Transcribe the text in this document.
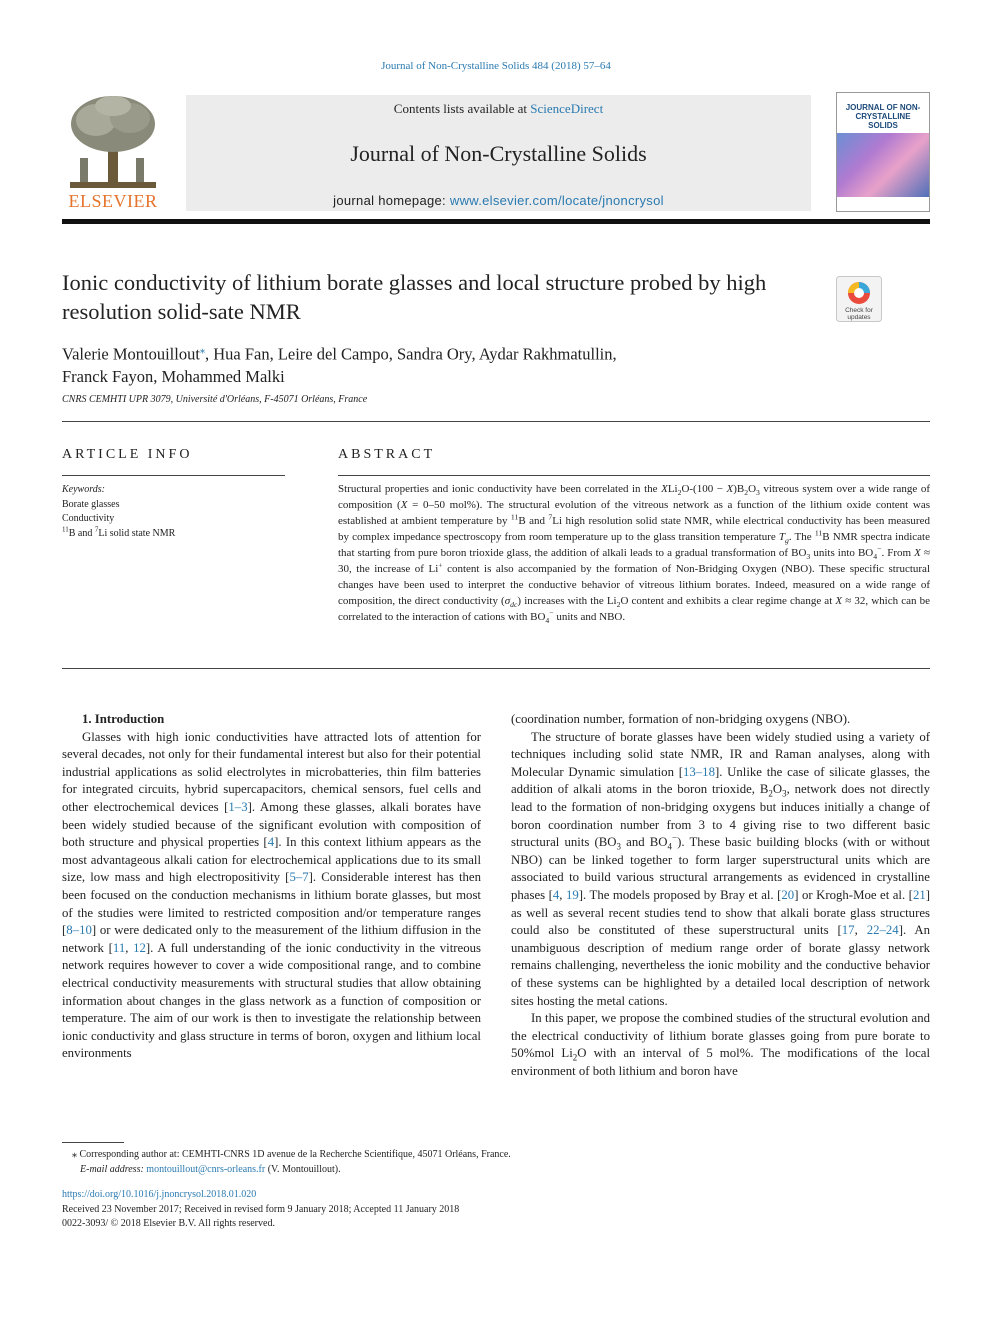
Journal of Non-Crystalline Solids 484 (2018) 57–64
ELSEVIER
Contents lists available at ScienceDirect
Journal of Non-Crystalline Solids
journal homepage: www.elsevier.com/locate/jnoncrysol
JOURNAL OF NON-CRYSTALLINE SOLIDS
Ionic conductivity of lithium borate glasses and local structure probed by high resolution solid-sate NMR	Check for updates
Valerie Montouillout⁎, Hua Fan, Leire del Campo, Sandra Ory, Aydar Rakhmatullin,
Franck Fayon, Mohammed Malki
CNRS CEMHTI UPR 3079, Université d'Orléans, F-45071 Orléans, France
ARTICLE INFO
Keywords:
Borate glasses
Conductivity
$^{11}$B and $^7$Li solid state NMR
ABSTRACT
Structural properties and ionic conductivity have been correlated in the $XLi_2O-(100 - X)B_2O_3$ vitreous system over a wide range of composition (X = 0–50 mol%). The structural evolution of the vitreous network as a function of the lithium oxide content was established at ambient temperature by $^{11}$B and $^7$Li high resolution solid state NMR, while electrical conductivity has been measured by complex impedance spectroscopy from room temperature up to the glass transition temperature $T_g$. The $^{11}$B NMR spectra indicate that starting from pure boron trioxide glass, the addition of alkali leads to a gradual transformation of $BO_3$ units into $BO_4^-$. From X ≈ 30, the increase of Li+ content is also accompanied by the formation of Non-Bridging Oxygen (NBO). These specific structural changes have been used to interpret the conductive behavior of vitreous lithium borates. Indeed, measured on a wide range of composition, the direct conductivity $(\sigma_{dc})$ increases with the $Li_2O$ content and exhibits a clear regime change at X ≈ 32, which can be correlated to the interaction of cations with $BO_4^-$ units and NBO.

1. Introduction

Glasses with high ionic conductivities have attracted lots of attention for several decades, not only for their fundamental interest but also for their potential industrial applications as solid electrolytes in microbatteries, thin film batteries for integrated circuits, hybrid supercapacitors, chemical sensors, fuel cells and other electrochemical devices [1–3]. Among these glasses, alkali borates have been widely studied because of the significant evolution with composition of both structure and physical properties [4]. In this context lithium appears as the most advantageous alkali cation for electrochemical applications due to its small size, low mass and high electropositivity [5–7]. Considerable interest has then been focused on the conduction mechanisms in lithium borate glasses, but most of the studies were limited to restricted composition and/or temperature ranges [8–10] or were dedicated only to the measurement of the lithium diffusion in the network [11, 12]. A full understanding of the ionic conductivity in the vitreous network requires however to cover a wide compositional range, and to combine electrical conductivity measurements with structural studies that allow obtaining information about changes in the glass network as a function of composition or temperature. The aim of our work is then to investigate the relationship between ionic conductivity and glass structure in terms of boron, oxygen and lithium local environments

(coordination number, formation of non-bridging oxygens (NBO).

The structure of borate glasses have been widely studied using a variety of techniques including solid state NMR, IR and Raman analyses, along with Molecular Dynamic simulation [13–18]. Unlike the case of silicate glasses, the addition of alkali atoms in the boron trioxide, $B_2O_3$, network does not directly lead to the formation of non-bridging oxygens but induces initially a change of boron coordination number from 3 to 4 giving rise to two different basic structural units ($BO_3$ and $BO_4^-$). These basic building blocks (with or without NBO) can be linked together to form larger superstructural units which are associated to build various structural arrangements as evidenced in crystalline phases [4, 19]. The models proposed by Bray et al. [20] or Krogh-Moe et al. [21] as well as several recent studies tend to show that alkali borate glass structures could also be constituted of these superstructural units [17, 22–24]. An unambiguous description of medium range order of borate glassy network remains challenging, nevertheless the ionic mobility and the conductive behavior of these systems can be highlighted by a detailed local description of network sites hosting the metal cations.

In this paper, we propose the combined studies of the structural evolution and the electrical conductivity of lithium borate glasses going from pure borate to 50%mol $Li_2O$ with an interval of 5 mol%. The modifications of the local environment of both lithium and boron have

⁎ Corresponding author at: CEMHTI-CNRS 1D avenue de la Recherche Scientifique, 45071 Orléans, France.
E-mail address: montouillout@cnrs-orleans.fr (V. Montouillout).
https://doi.org/10.1016/j.jnoncrysol.2018.01.020
Received 23 November 2017; Received in revised form 9 January 2018; Accepted 11 January 2018
0022-3093/ © 2018 Elsevier B.V. All rights reserved.
